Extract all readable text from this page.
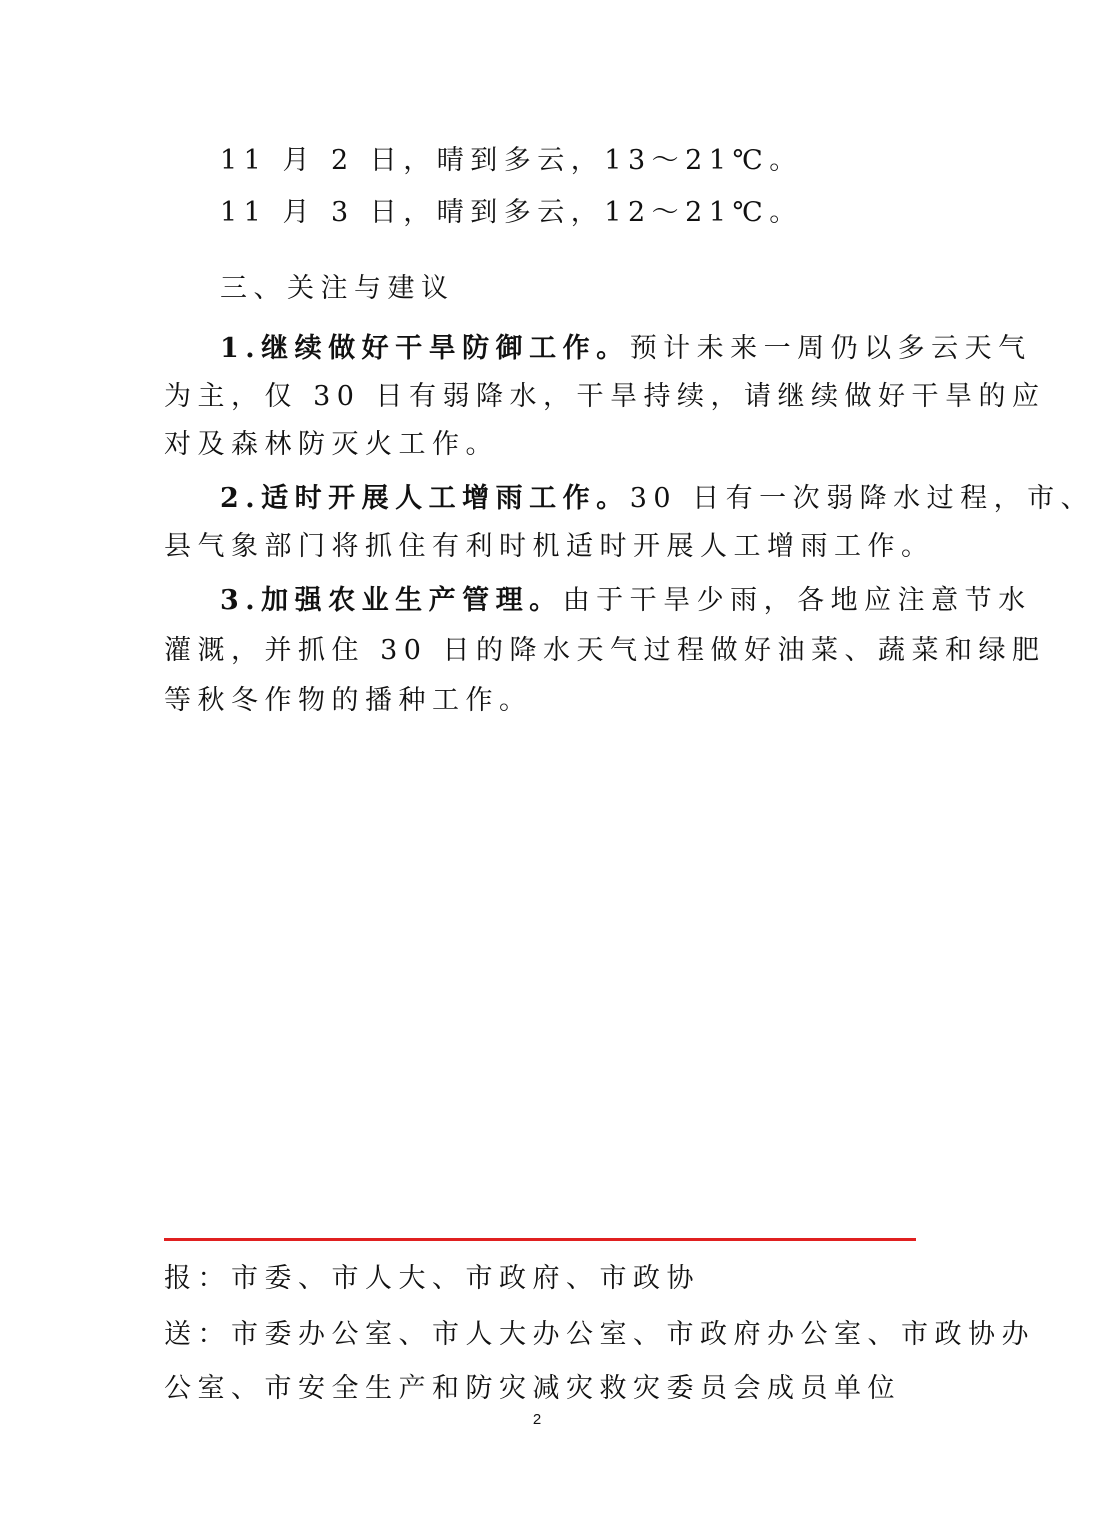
11 月 2 日，晴到多云，13～21℃。
11 月 3 日，晴到多云，12～21℃。
三、关注与建议
1.继续做好干旱防御工作。预计未来一周仍以多云天气
为主，仅 30 日有弱降水，干旱持续，请继续做好干旱的应
对及森林防灭火工作。
2.适时开展人工增雨工作。30 日有一次弱降水过程，市、
县气象部门将抓住有利时机适时开展人工增雨工作。
3.加强农业生产管理。由于干旱少雨，各地应注意节水
灌溉，并抓住 30 日的降水天气过程做好油菜、蔬菜和绿肥
等秋冬作物的播种工作。
报：市委、市人大、市政府、市政协
送：市委办公室、市人大办公室、市政府办公室、市政协办
公室、市安全生产和防灾减灾救灾委员会成员单位
2
